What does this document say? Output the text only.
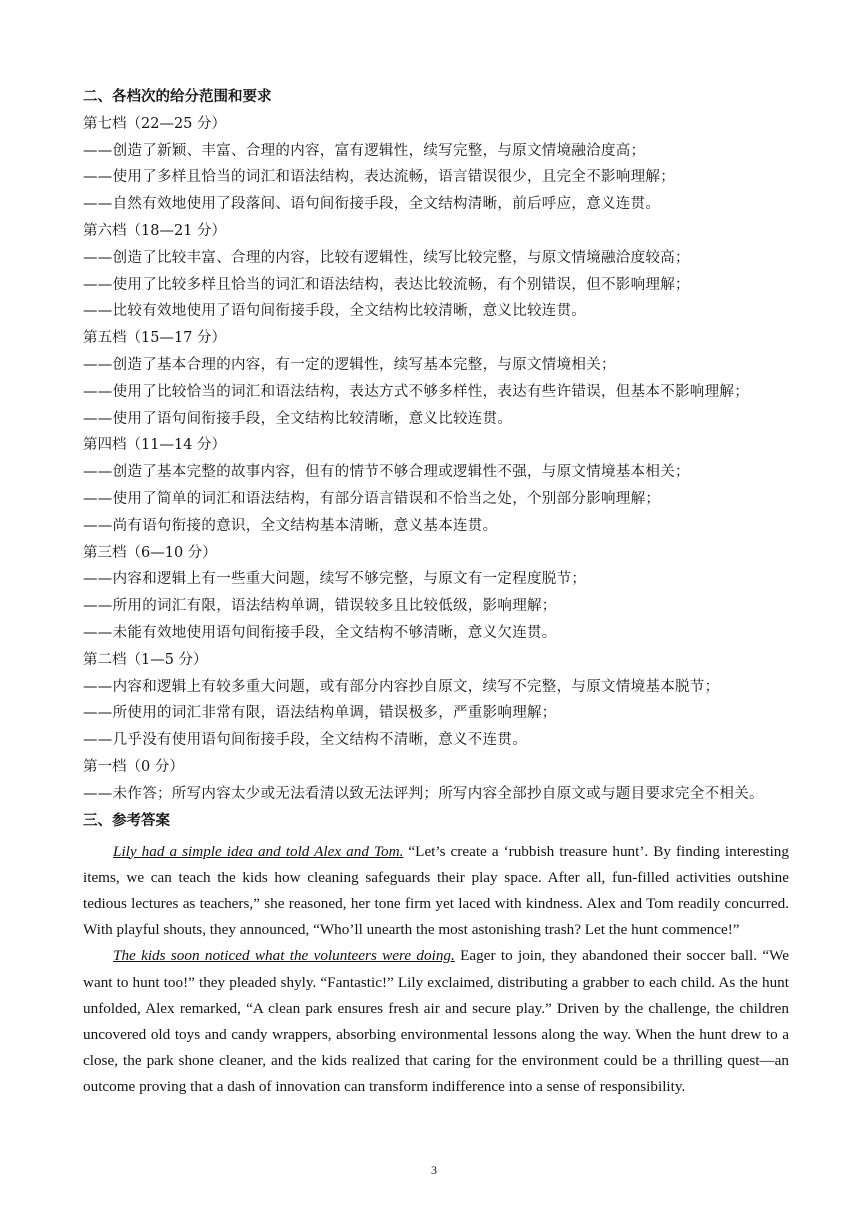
二、各档次的给分范围和要求
第七档（22—25 分）
——创造了新颖、丰富、合理的内容，富有逻辑性，续写完整，与原文情境融洽度高；
——使用了多样且恰当的词汇和语法结构，表达流畅，语言错误很少，且完全不影响理解；
——自然有效地使用了段落间、语句间衔接手段，全文结构清晰，前后呼应，意义连贯。
第六档（18—21 分）
——创造了比较丰富、合理的内容，比较有逻辑性，续写比较完整，与原文情境融洽度较高；
——使用了比较多样且恰当的词汇和语法结构，表达比较流畅，有个别错误，但不影响理解；
——比较有效地使用了语句间衔接手段，全文结构比较清晰，意义比较连贯。
第五档（15—17 分）
——创造了基本合理的内容，有一定的逻辑性，续写基本完整，与原文情境相关；
——使用了比较恰当的词汇和语法结构，表达方式不够多样性，表达有些许错误，但基本不影响理解；
——使用了语句间衔接手段，全文结构比较清晰，意义比较连贯。
第四档（11—14 分）
——创造了基本完整的故事内容，但有的情节不够合理或逻辑性不强，与原文情境基本相关；
——使用了简单的词汇和语法结构，有部分语言错误和不恰当之处，个别部分影响理解；
——尚有语句衔接的意识，全文结构基本清晰，意义基本连贯。
第三档（6—10 分）
——内容和逻辑上有一些重大问题，续写不够完整，与原文有一定程度脱节；
——所用的词汇有限，语法结构单调，错误较多且比较低级，影响理解；
——未能有效地使用语句间衔接手段，全文结构不够清晰，意义欠连贯。
第二档（1—5 分）
——内容和逻辑上有较多重大问题，或有部分内容抄自原文，续写不完整，与原文情境基本脱节；
——所使用的词汇非常有限，语法结构单调，错误极多，严重影响理解；
——几乎没有使用语句间衔接手段，全文结构不清晰，意义不连贯。
第一档（0 分）
——未作答；所写内容太少或无法看清以致无法评判；所写内容全部抄自原文或与题目要求完全不相关。
三、参考答案
Lily had a simple idea and told Alex and Tom. “Let’s create a ‘rubbish treasure hunt’. By finding interesting items, we can teach the kids how cleaning safeguards their play space. After all, fun-filled activities outshine tedious lectures as teachers,” she reasoned, her tone firm yet laced with kindness. Alex and Tom readily concurred. With playful shouts, they announced, “Who’ll unearth the most astonishing trash? Let the hunt commence!”
The kids soon noticed what the volunteers were doing. Eager to join, they abandoned their soccer ball. “We want to hunt too!” they pleaded shyly. “Fantastic!” Lily exclaimed, distributing a grabber to each child. As the hunt unfolded, Alex remarked, “A clean park ensures fresh air and secure play.” Driven by the challenge, the children uncovered old toys and candy wrappers, absorbing environmental lessons along the way. When the hunt drew to a close, the park shone cleaner, and the kids realized that caring for the environment could be a thrilling quest—an outcome proving that a dash of innovation can transform indifference into a sense of responsibility.
3
